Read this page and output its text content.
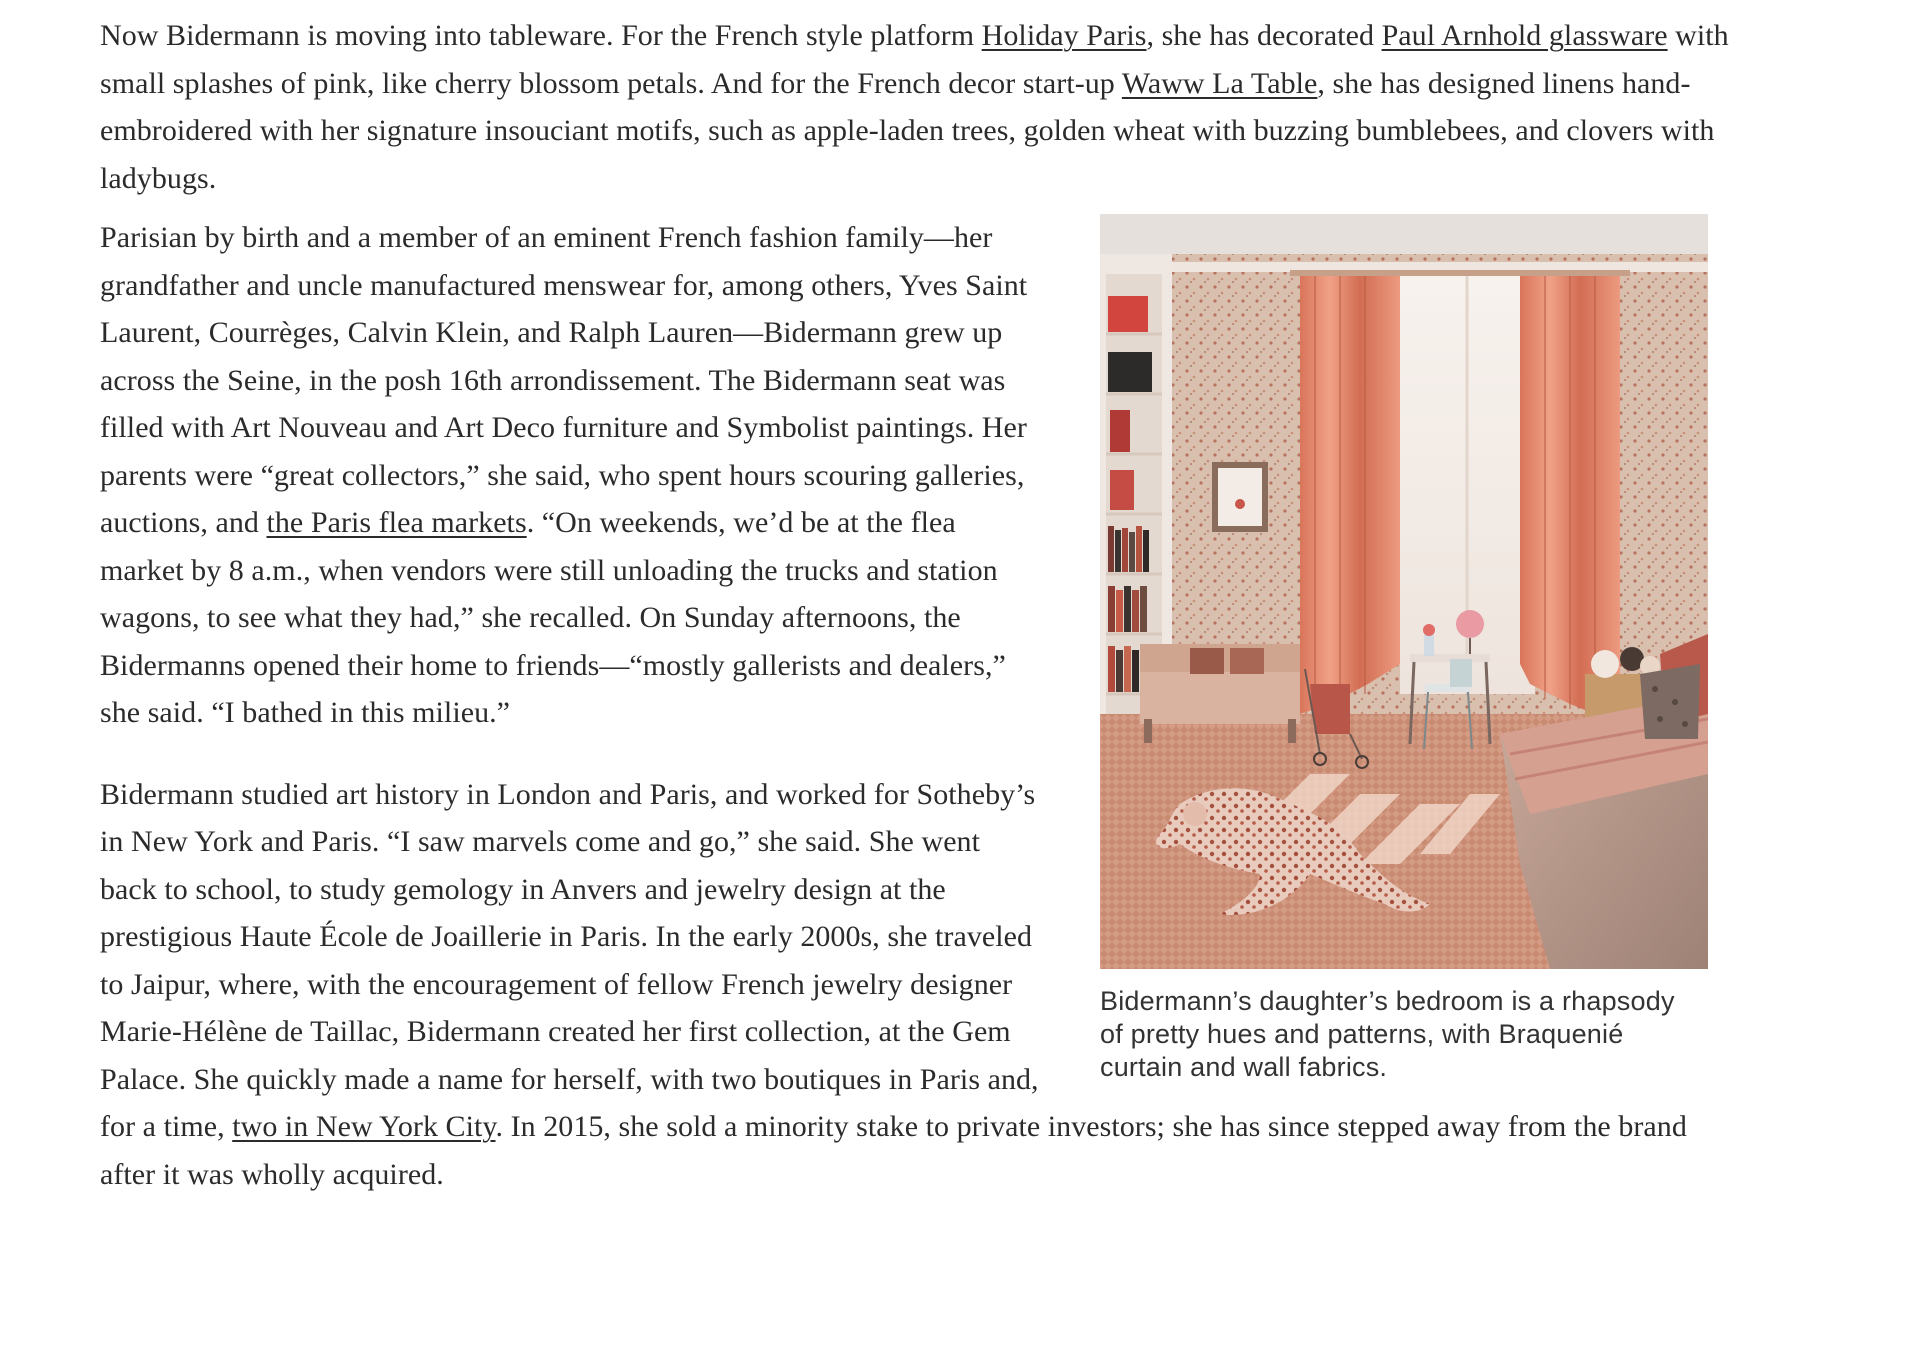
Now Bidermann is moving into tableware. For the French style platform Holiday Paris, she has decorated Paul Arnhold glassware with small splashes of pink, like cherry blossom petals. And for the French decor start-up Waww La Table, she has designed linens hand-embroidered with her signature insouciant motifs, such as apple-laden trees, golden wheat with buzzing bumblebees, and clovers with ladybugs.

Bidermann’s daughter’s bedroom is a rhapsody of pretty hues and patterns, with Braquenié curtain and wall fabrics.

Parisian by birth and a member of an eminent French fashion family—her grandfather and uncle manufactured menswear for, among others, Yves Saint Laurent, Courrèges, Calvin Klein, and Ralph Lauren—Bidermann grew up across the Seine, in the posh 16th arrondissement. The Bidermann seat was filled with Art Nouveau and Art Deco furniture and Symbolist paintings. Her parents were “great collectors,” she said, who spent hours scouring galleries, auctions, and the Paris flea markets. “On weekends, we’d be at the flea market by 8 a.m., when vendors were still unloading the trucks and station wagons, to see what they had,” she recalled. On Sunday afternoons, the Bidermanns opened their home to friends—“mostly gallerists and dealers,” she said. “I bathed in this milieu.”

Bidermann studied art history in London and Paris, and worked for Sotheby’s in New York and Paris. “I saw marvels come and go,” she said. She went back to school, to study gemology in Anvers and jewelry design at the prestigious Haute École de Joaillerie in Paris. In the early 2000s, she traveled to Jaipur, where, with the encouragement of fellow French jewelry designer Marie-Hélène de Taillac, Bidermann created her first collection, at the Gem Palace. She quickly made a name for herself, with two boutiques in Paris and, for a time, two in New York City. In 2015, she sold a minority stake to private investors; she has since stepped away from the brand after it was wholly acquired.
